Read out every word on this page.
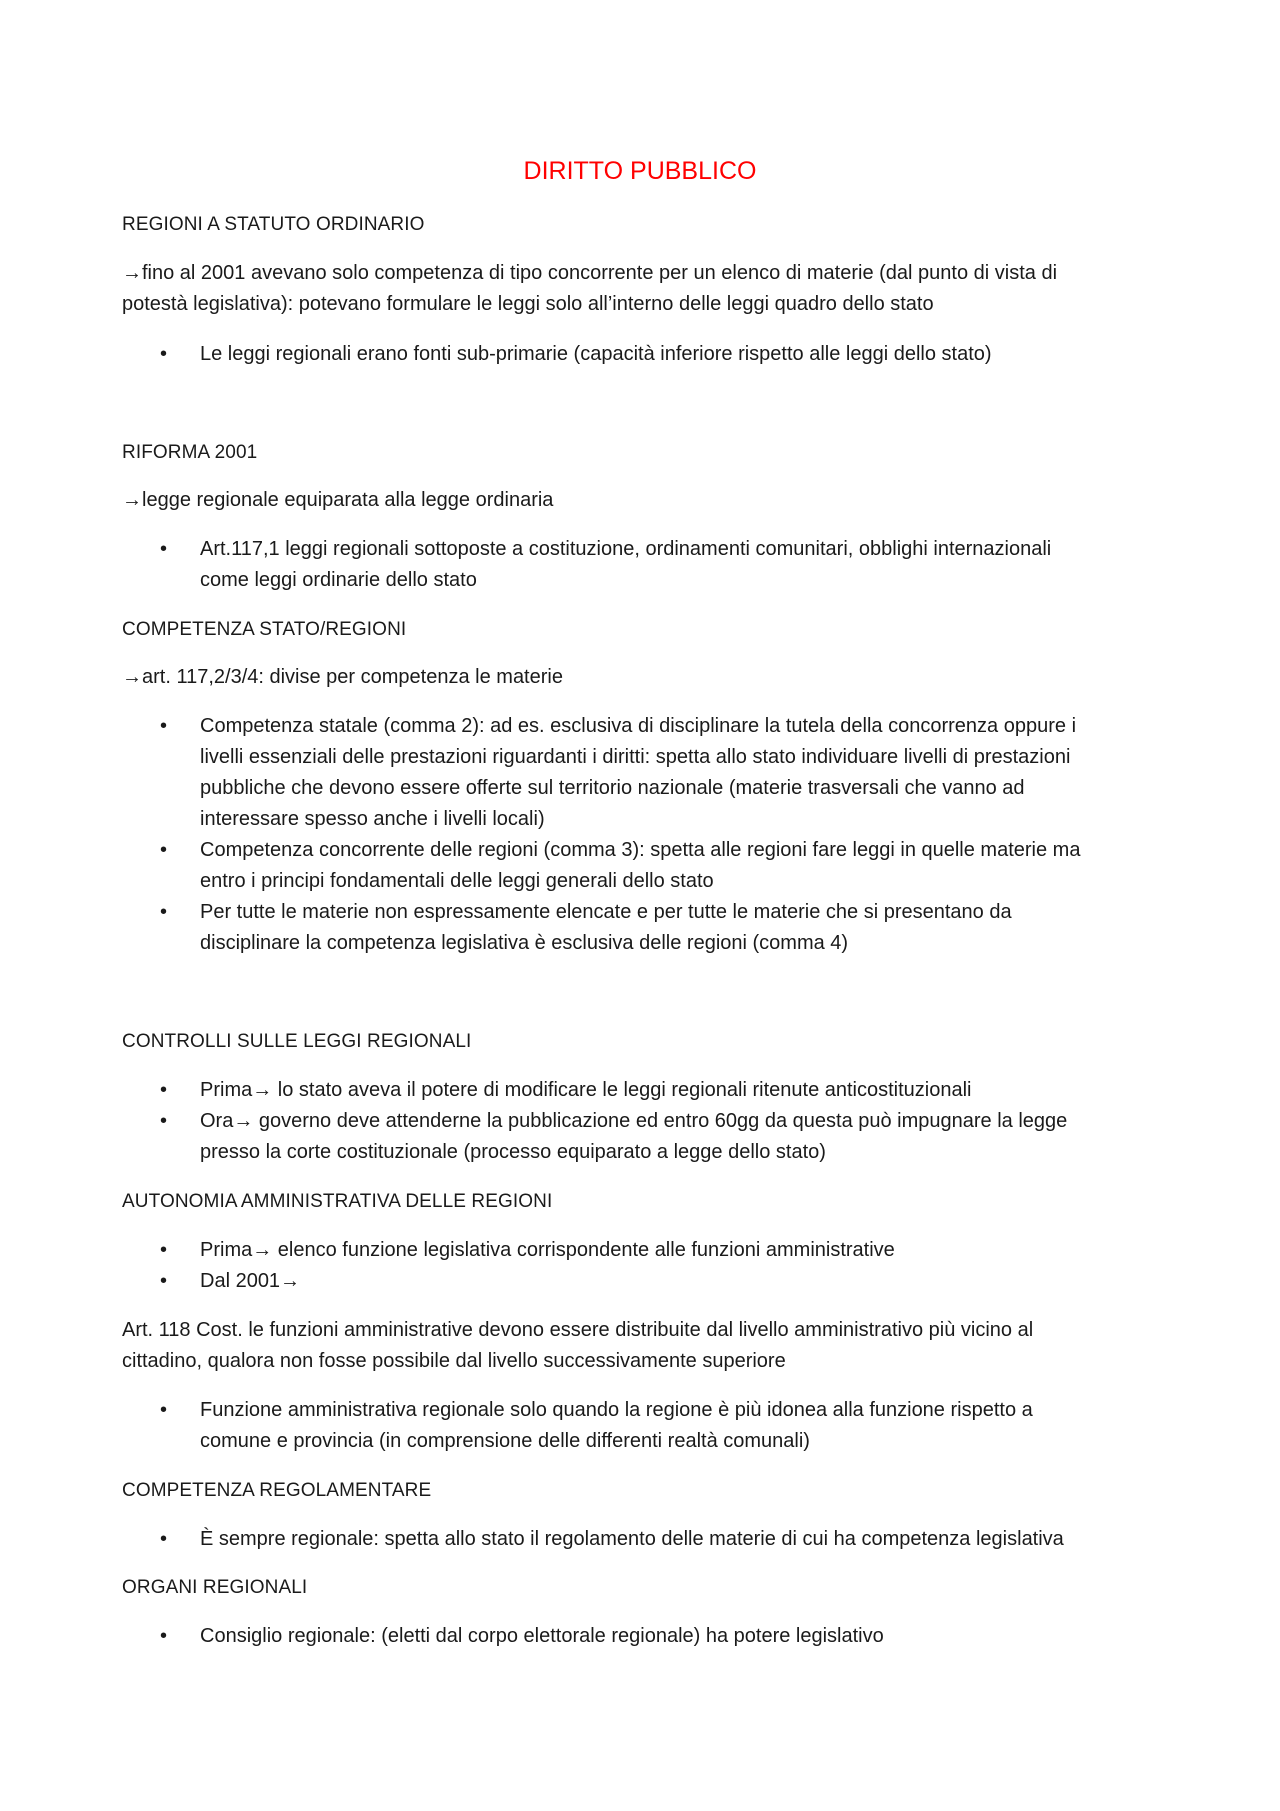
DIRITTO PUBBLICO
REGIONI A STATUTO ORDINARIO
→fino al 2001 avevano solo competenza di tipo concorrente per un elenco di materie (dal punto di vista di
potestà legislativa): potevano formulare le leggi solo all’interno delle leggi quadro dello stato
• Le leggi regionali erano fonti sub-primarie (capacità inferiore rispetto alle leggi dello stato)
RIFORMA 2001
→legge regionale equiparata alla legge ordinaria
• Art.117,1 leggi regionali sottoposte a costituzione, ordinamenti comunitari, obblighi internazionali
come leggi ordinarie dello stato
COMPETENZA STATO/REGIONI
→art. 117,2/3/4: divise per competenza le materie
• Competenza statale (comma 2): ad es. esclusiva di disciplinare la tutela della concorrenza oppure i
livelli essenziali delle prestazioni riguardanti i diritti: spetta allo stato individuare livelli di prestazioni
pubbliche che devono essere offerte sul territorio nazionale (materie trasversali che vanno ad
interessare spesso anche i livelli locali)
• Competenza concorrente delle regioni (comma 3): spetta alle regioni fare leggi in quelle materie ma
entro i principi fondamentali delle leggi generali dello stato
• Per tutte le materie non espressamente elencate e per tutte le materie che si presentano da
disciplinare la competenza legislativa è esclusiva delle regioni (comma 4)
CONTROLLI SULLE LEGGI REGIONALI
• Prima→ lo stato aveva il potere di modificare le leggi regionali ritenute anticostituzionali
• Ora→ governo deve attenderne la pubblicazione ed entro 60gg da questa può impugnare la legge
presso la corte costituzionale (processo equiparato a legge dello stato)
AUTONOMIA AMMINISTRATIVA DELLE REGIONI
• Prima→ elenco funzione legislativa corrispondente alle funzioni amministrative
• Dal 2001→
Art. 118 Cost. le funzioni amministrative devono essere distribuite dal livello amministrativo più vicino al
cittadino, qualora non fosse possibile dal livello successivamente superiore
• Funzione amministrativa regionale solo quando la regione è più idonea alla funzione rispetto a
comune e provincia (in comprensione delle differenti realtà comunali)
COMPETENZA REGOLAMENTARE
• È sempre regionale: spetta allo stato il regolamento delle materie di cui ha competenza legislativa
ORGANI REGIONALI
• Consiglio regionale: (eletti dal corpo elettorale regionale) ha potere legislativo
